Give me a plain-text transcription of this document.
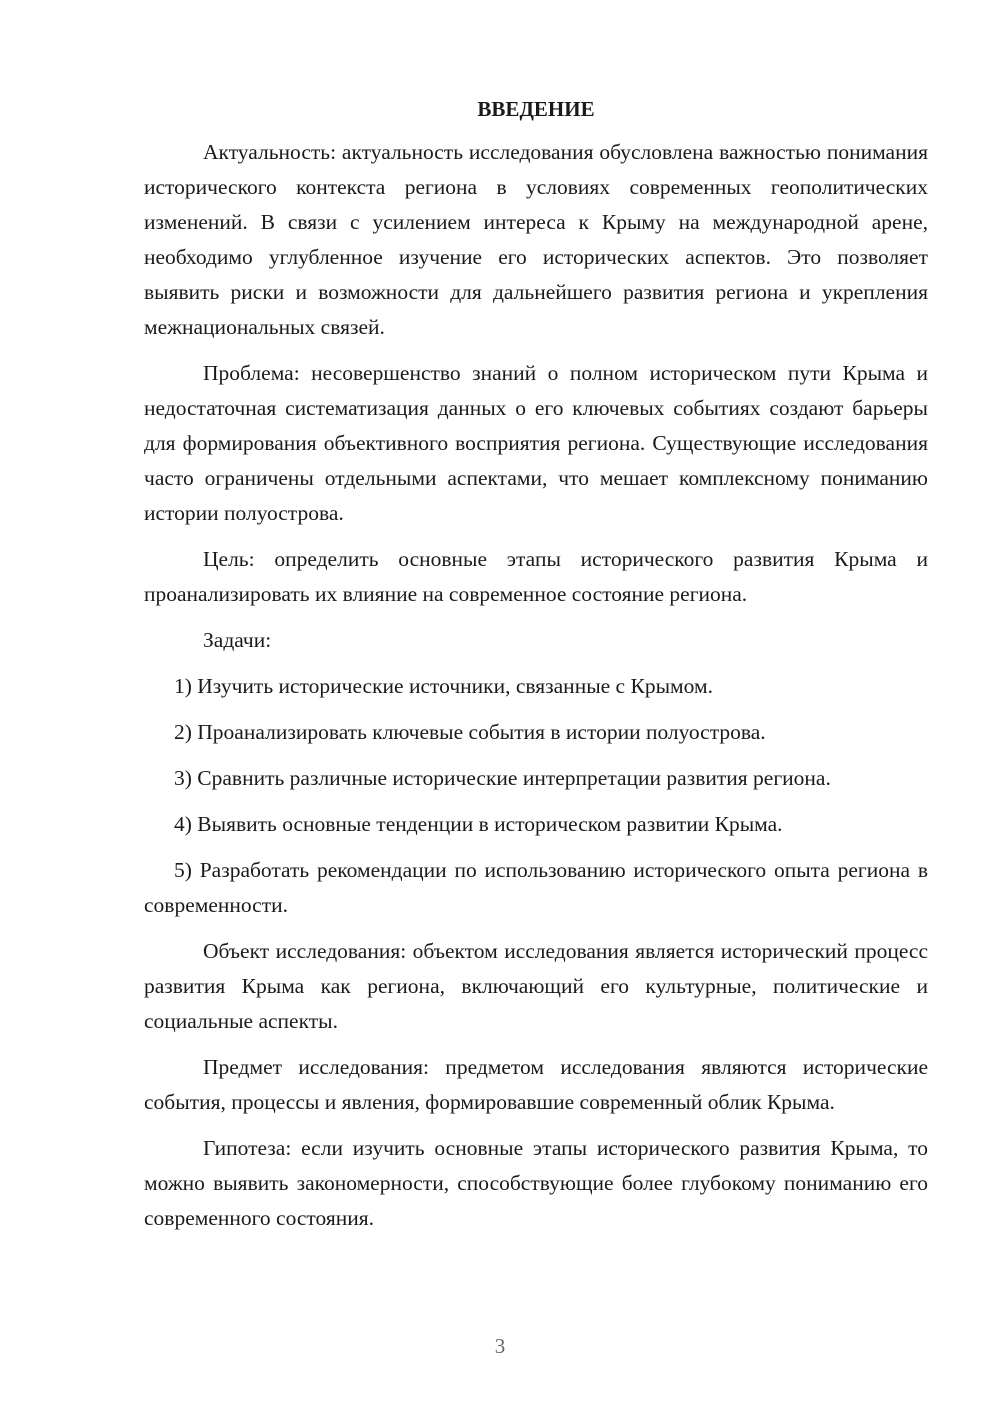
ВВЕДЕНИЕ

Актуальность: актуальность исследования обусловлена важностью понимания исторического контекста региона в условиях современных геополитических изменений. В связи с усилением интереса к Крыму на международной арене, необходимо углубленное изучение его исторических аспектов. Это позволяет выявить риски и возможности для дальнейшего развития региона и укрепления межнациональных связей.

Проблема: несовершенство знаний о полном историческом пути Крыма и недостаточная систематизация данных о его ключевых событиях создают барьеры для формирования объективного восприятия региона. Существующие исследования часто ограничены отдельными аспектами, что мешает комплексному пониманию истории полуострова.

Цель: определить основные этапы исторического развития Крыма и проанализировать их влияние на современное состояние региона.

Задачи:

1) Изучить исторические источники, связанные с Крымом.

2) Проанализировать ключевые события в истории полуострова.

3) Сравнить различные исторические интерпретации развития региона.

4) Выявить основные тенденции в историческом развитии Крыма.

5) Разработать рекомендации по использованию исторического опыта региона в современности.

Объект исследования: объектом исследования является исторический процесс развития Крыма как региона, включающий его культурные, политические и социальные аспекты.

Предмет исследования: предметом исследования являются исторические события, процессы и явления, формировавшие современный облик Крыма.

Гипотеза: если изучить основные этапы исторического развития Крыма, то можно выявить закономерности, способствующие более глубокому пониманию его современного состояния.

3
